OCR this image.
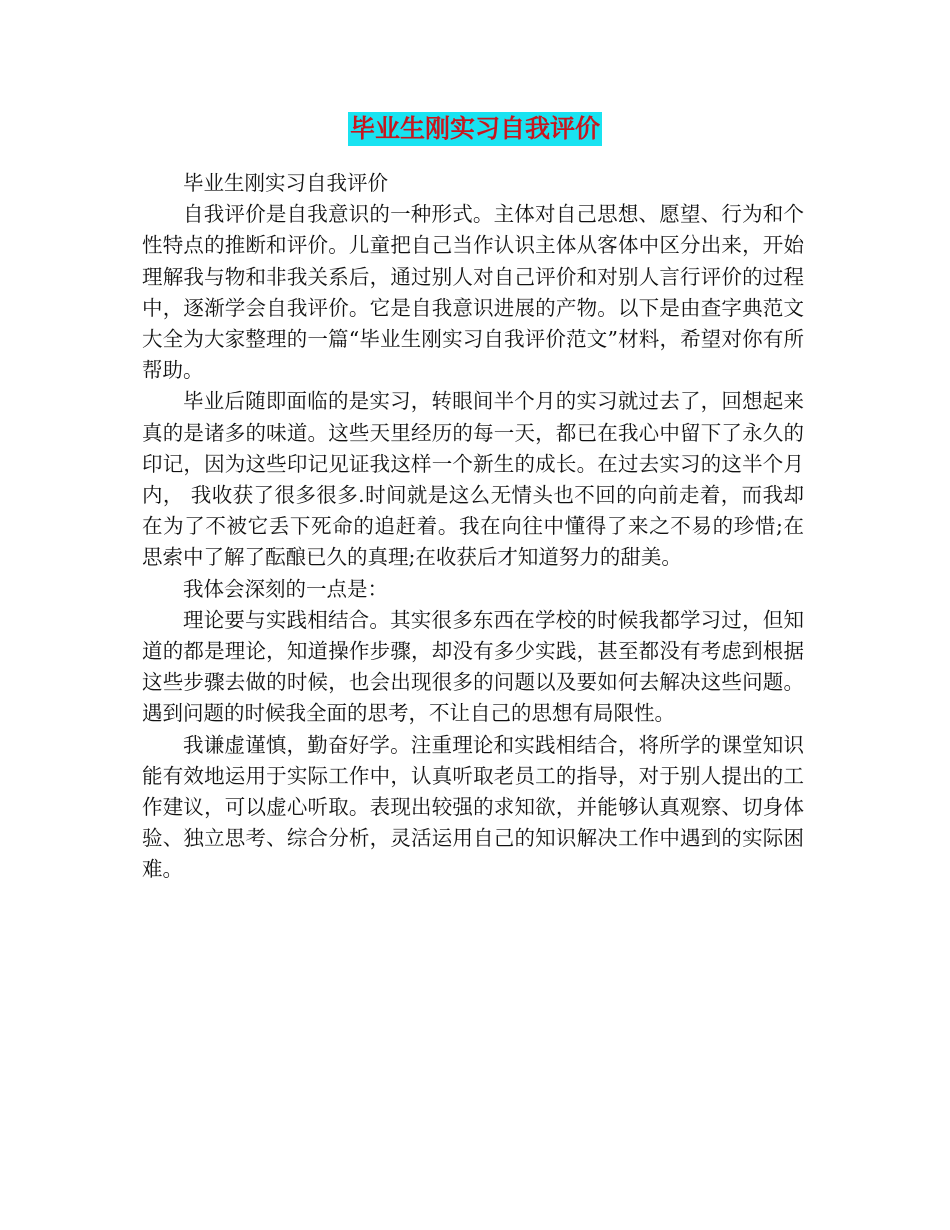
毕业生刚实习自我评价

毕业生刚实习自我评价

自我评价是自我意识的一种形式。主体对自己思想、愿望、行为和个性特点的推断和评价。儿童把自己当作认识主体从客体中区分出来，开始理解我与物和非我关系后，通过别人对自己评价和对别人言行评价的过程中，逐渐学会自我评价。它是自我意识进展的产物。以下是由查字典范文大全为大家整理的一篇“毕业生刚实习自我评价范文”材料，希望对你有所帮助。

毕业后随即面临的是实习，转眼间半个月的实习就过去了，回想起来真的是诸多的味道。这些天里经历的每一天，都已在我心中留下了永久的印记，因为这些印记见证我这样一个新生的成长。在过去实习的这半个月内， 我收获了很多很多.时间就是这么无情头也不回的向前走着，而我却在为了不被它丢下死命的追赶着。我在向往中懂得了来之不易的珍惜;在思索中了解了酝酿已久的真理;在收获后才知道努力的甜美。

我体会深刻的一点是：

理论要与实践相结合。其实很多东西在学校的时候我都学习过，但知道的都是理论，知道操作步骤，却没有多少实践，甚至都没有考虑到根据这些步骤去做的时候，也会出现很多的问题以及要如何去解决这些问题。遇到问题的时候我全面的思考，不让自己的思想有局限性。

我谦虚谨慎，勤奋好学。注重理论和实践相结合，将所学的课堂知识能有效地运用于实际工作中，认真听取老员工的指导，对于别人提出的工作建议，可以虚心听取。表现出较强的求知欲，并能够认真观察、切身体验、独立思考、综合分析，灵活运用自己的知识解决工作中遇到的实际困难。
